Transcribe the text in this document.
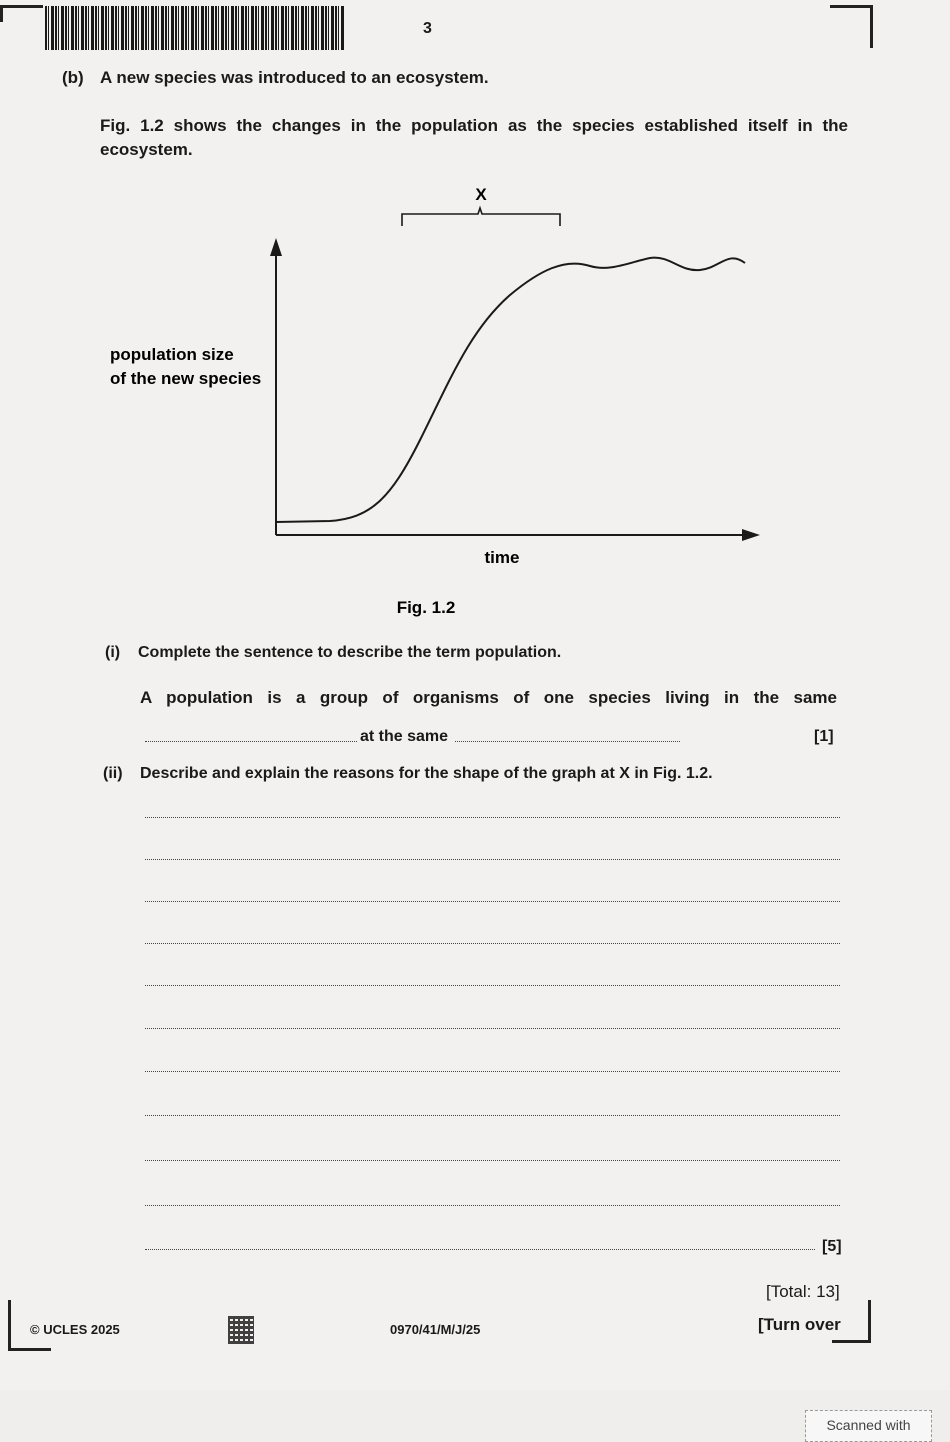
3
(b) A new species was introduced to an ecosystem.
Fig. 1.2 shows the changes in the population as the species established itself in the
ecosystem.
X
population size
of the new species
time
Fig. 1.2
(i) Complete the sentence to describe the term population.
A population is a group of organisms of one species living in the same
at the same	[1]
(ii) Describe and explain the reasons for the shape of the graph at X in Fig. 1.2.
[5]
[Total: 13]
© UCLES 2025	0970/41/M/J/25	[Turn over
Scanned with
